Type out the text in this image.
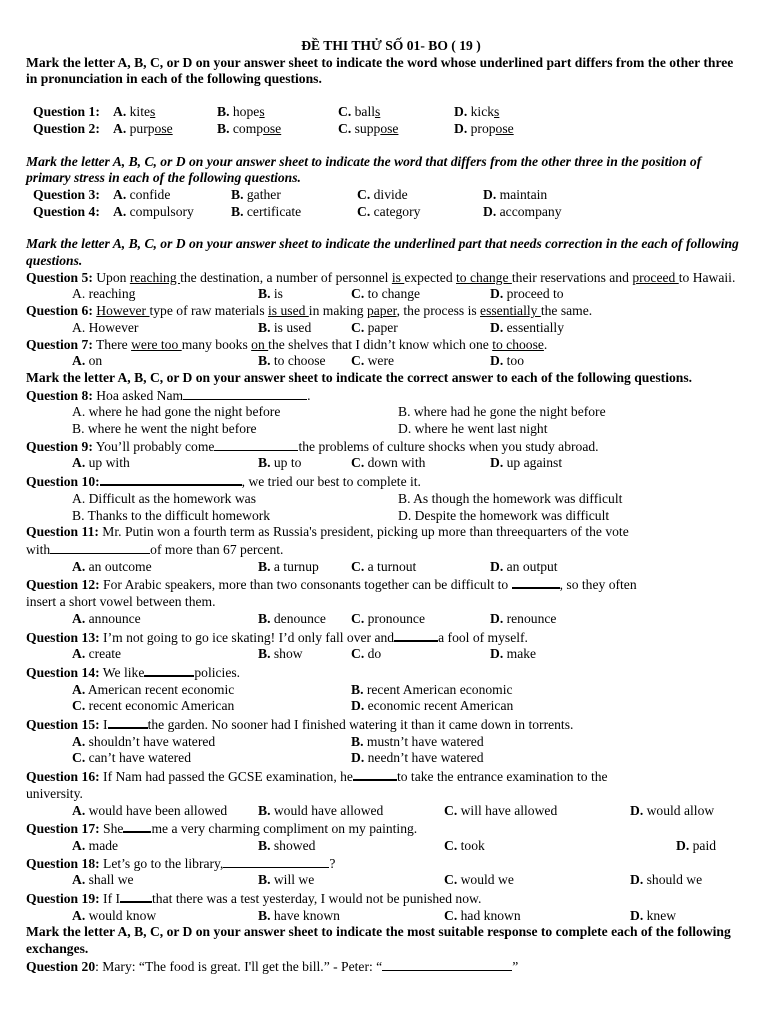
ĐỀ THI THỬ SỐ 01- BO ( 19 )
Mark the letter A, B, C, or D on your answer sheet to indicate the word whose underlined part differs from the other three in pronunciation in each of the following questions.
Question 1: A. kites	B. hopes	C. balls	D. kicks
Question 2: A. purpose	B. compose	C. suppose	D. propose
Mark the letter A, B, C, or D on your answer sheet to indicate the word that differs from the other three in the position of primary stress in each of the following questions.
Question 3: A. confide	B. gather	C. divide	D. maintain
Question 4: A. compulsory	B. certificate	C. category	D. accompany
Mark the letter A, B, C, or D on your answer sheet to indicate the underlined part that needs correction in the each of following questions.
Question 5: Upon reaching the destination, a number of personnel is expected to change their reservations and proceed to Hawaii.
A. reaching	B. is	C. to change	D. proceed to
Question 6: However type of raw materials is used in making paper, the process is essentially the same.
A. However	B. is used	C. paper	D. essentially
Question 7: There were too many books on the shelves that I didn’t know which one to choose.
A. on	B. to choose	C. were	D. too
Mark the letter A, B, C, or D on your answer sheet to indicate the correct answer to each of the following questions.
Question 8: Hoa asked Nam	.
A. where he had gone the night before	B. where had he gone the night before
B. where he went the night before	D. where he went last night
Question 9: You’ll probably come	the problems of culture shocks when you study abroad.
A. up with	B. up to	C. down with	D. up against
Question 10:	, we tried our best to complete it.
A. Difficult as the homework was	B. As though the homework was difficult
B. Thanks to the difficult homework	D. Despite the homework was difficult
Question 11: Mr. Putin won a fourth term as Russia's president, picking up more than threequarters of the vote
with	of more than 67 percent.
A. an outcome	B. a turnup	C. a turnout	D. an output
Question 12: For Arabic speakers, more than two consonants together can be difficult to	, so they often
insert a short vowel between them.
A. announce	B. denounce	C. pronounce	D. renounce
Question 13: I’m not going to go ice skating! I’d only fall over and	a fool of myself.
A. create	B. show	C. do	D. make
Question 14: We like	policies.
A. American recent economic	B. recent American economic
C. recent economic American	D. economic recent American
Question 15: I	the garden. No sooner had I finished watering it than it came down in torrents.
A. shouldn’t have watered	B. mustn’t have watered
C. can’t have watered	D. needn’t have watered
Question 16: If Nam had passed the GCSE examination, he	to take the entrance examination to the
university.
A. would have been allowed	B. would have allowed	C. will have allowed	D. would allow
Question 17: She me a very charming compliment on my painting.
A. made	B. showed	C. took	D. paid
Question 18: Let’s go to the library,	?
A. shall we	B. will we	C. would we	D. should we
Question 19: If I that there was a test yesterday, I would not be punished now.
A. would know	B. have known	C. had known	D. knew
Mark the letter A, B, C, or D on your answer sheet to indicate the most suitable response to complete each of the following exchanges.
Question 20: Mary: “The food is great. I'll get the bill.” - Peter: “	”
